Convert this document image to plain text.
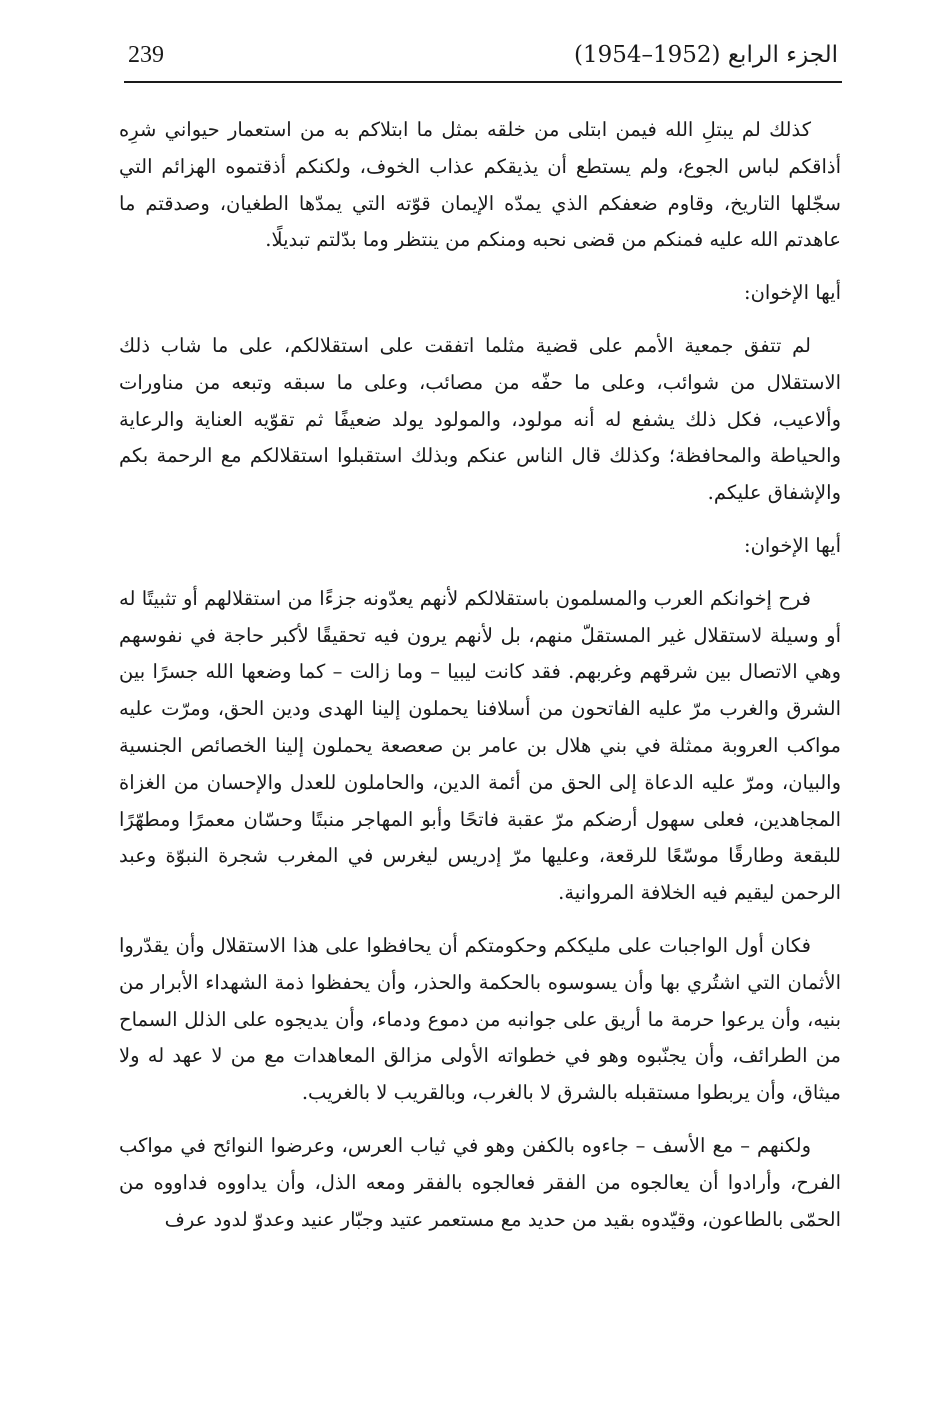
239	الجزء الرابع (1952–1954)

كذلك لم يبتلِ الله فيمن ابتلى من خلقه بمثل ما ابتلاكم به من استعمار حيواني شرِه أذاقكم لباس الجوع، ولم يستطع أن يذيقكم عذاب الخوف، ولكنكم أذقتموه الهزائم التي سجّلها التاريخ، وقاوم ضعفكم الذي يمدّه الإيمان قوّته التي يمدّها الطغيان، وصدقتم ما عاهدتم الله عليه فمنكم من قضى نحبه ومنكم من ينتظر وما بدّلتم تبديلًا.

أيها الإخوان:

لم تتفق جمعية الأمم على قضية مثلما اتفقت على استقلالكم، على ما شاب ذلك الاستقلال من شوائب، وعلى ما حفّه من مصائب، وعلى ما سبقه وتبعه من مناورات وألاعيب، فكل ذلك يشفع له أنه مولود، والمولود يولد ضعيفًا ثم تقوّيه العناية والرعاية والحياطة والمحافظة؛ وكذلك قال الناس عنكم وبذلك استقبلوا استقلالكم مع الرحمة بكم والإشفاق عليكم.

أيها الإخوان:

فرح إخوانكم العرب والمسلمون باستقلالكم لأنهم يعدّونه جزءًا من استقلالهم أو تثبيتًا له أو وسيلة لاستقلال غير المستقلّ منهم، بل لأنهم يرون فيه تحقيقًا لأكبر حاجة في نفوسهم وهي الاتصال بين شرقهم وغربهم. فقد كانت ليبيا – وما زالت – كما وضعها الله جسرًا بين الشرق والغرب مرّ عليه الفاتحون من أسلافنا يحملون إلينا الهدى ودين الحق، ومرّت عليه مواكب العروبة ممثلة في بني هلال بن عامر بن صعصعة يحملون إلينا الخصائص الجنسية والبيان، ومرّ عليه الدعاة إلى الحق من أئمة الدين، والحاملون للعدل والإحسان من الغزاة المجاهدين، فعلى سهول أرضكم مرّ عقبة فاتحًا وأبو المهاجر منبتًا وحسّان معمرًا ومطهّرًا للبقعة وطارقًا موسّعًا للرقعة، وعليها مرّ إدريس ليغرس في المغرب شجرة النبوّة وعبد الرحمن ليقيم فيه الخلافة المروانية.

فكان أول الواجبات على مليككم وحكومتكم أن يحافظوا على هذا الاستقلال وأن يقدّروا الأثمان التي اشتُري بها وأن يسوسوه بالحكمة والحذر، وأن يحفظوا ذمة الشهداء الأبرار من بنيه، وأن يرعوا حرمة ما أريق على جوانبه من دموع ودماء، وأن يديجوه على الذلل السماح من الطرائف، وأن يجنّبوه وهو في خطواته الأولى مزالق المعاهدات مع من لا عهد له ولا ميثاق، وأن يربطوا مستقبله بالشرق لا بالغرب، وبالقريب لا بالغريب.

ولكنهم – مع الأسف – جاءوه بالكفن وهو في ثياب العرس، وعرضوا النوائح في مواكب الفرح، وأرادوا أن يعالجوه من الفقر فعالجوه بالفقر ومعه الذل، وأن يداووه فداووه من الحمّى بالطاعون، وقيّدوه بقيد من حديد مع مستعمر عتيد وجبّار عنيد وعدوّ لدود عرف
